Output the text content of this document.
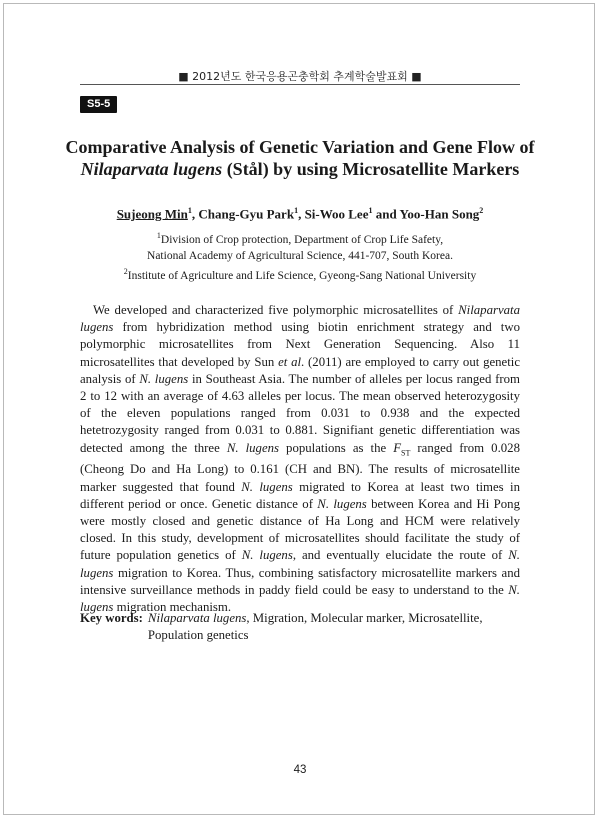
■ 2012년도 한국응용곤충학회 추계학술발표회 ■
S5-5
Comparative Analysis of Genetic Variation and Gene Flow of
Nilaparvata lugens (Stål) by using Microsatellite Markers
Sujeong Min$^1$, Chang-Gyu Park$^1$, Si-Woo Lee$^1$ and Yoo-Han Song$^2$
$^1$Division of Crop protection, Department of Crop Life Safety,
National Academy of Agricultural Science, 441-707, South Korea.
$^2$Institute of Agriculture and Life Science, Gyeong-Sang National University

We developed and characterized five polymorphic microsatellites of Nilaparvata lugens from hybridization method using biotin enrichment strategy and two polymorphic microsatellites from Next Generation Sequencing. Also 11 microsatellites that developed by Sun et al. (2011) are employed to carry out genetic analysis of N. lugens in Southeast Asia. The number of alleles per locus ranged from 2 to 12 with an average of 4.63 alleles per locus. The mean observed heterozygosity of the eleven populations ranged from 0.031 to 0.938 and the expected hetetrozygosity ranged from 0.031 to 0.881. Signifiant genetic differentiation was detected among the three N. lugens populations as the $F_{ST}$ ranged from 0.028 (Cheong Do and Ha Long) to 0.161 (CH and BN). The results of microsatellite marker suggested that found N. lugens migrated to Korea at least two times in different period or once. Genetic distance of N. lugens between Korea and Hi Pong were mostly closed and genetic distance of Ha Long and HCM were relatively closed. In this study, development of microsatellites should facilitate the study of future population genetics of N. lugens, and eventually elucidate the route of N. lugens migration to Korea. Thus, combining satisfactory microsatellite markers and intensive surveillance methods in paddy field could be easy to understand to the N. lugens migration mechanism.

Key words: Nilaparvata lugens, Migration, Molecular marker, Microsatellite, Population genetics
43
